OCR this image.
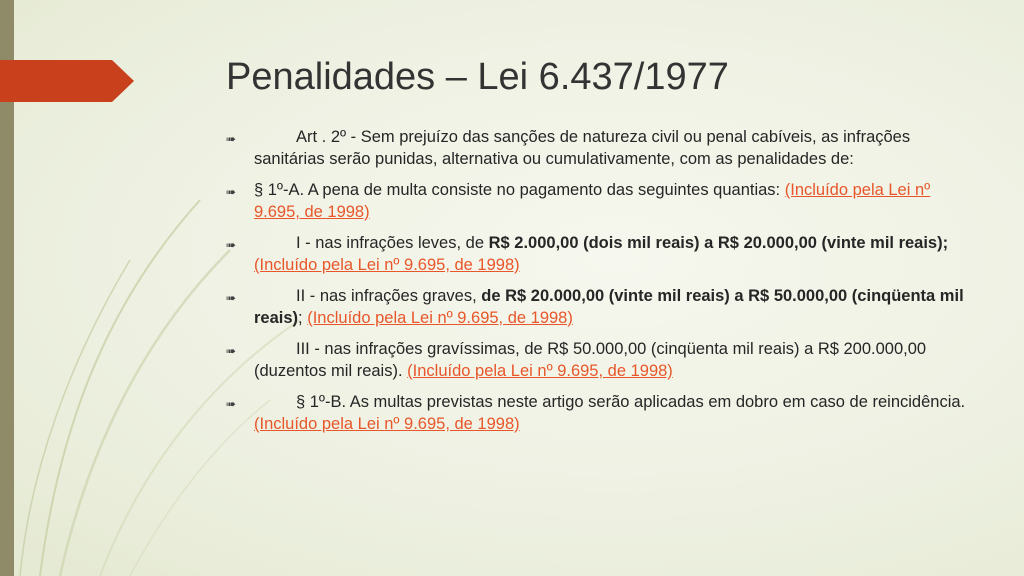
Penalidades – Lei 6.437/1977
➠	Art . 2º - Sem prejuízo das sanções de natureza civil ou penal cabíveis, as infrações sanitárias serão punidas, alternativa ou cumulativamente, com as penalidades de:
➠ § 1º-A. A pena de multa consiste no pagamento das seguintes quantias: (Incluído pela Lei nº 9.695, de 1998)
➠	I - nas infrações leves, de R$ 2.000,00 (dois mil reais) a R$ 20.000,00 (vinte mil reais); (Incluído pela Lei nº 9.695, de 1998)
➠	II - nas infrações graves, de R$ 20.000,00 (vinte mil reais) a R$ 50.000,00 (cinqüenta mil reais); (Incluído pela Lei nº 9.695, de 1998)
➠	III - nas infrações gravíssimas, de R$ 50.000,00 (cinqüenta mil reais) a R$ 200.000,00 (duzentos mil reais). (Incluído pela Lei nº 9.695, de 1998)
➠	§ 1º-B. As multas previstas neste artigo serão aplicadas em dobro em caso de reincidência. (Incluído pela Lei nº 9.695, de 1998)
